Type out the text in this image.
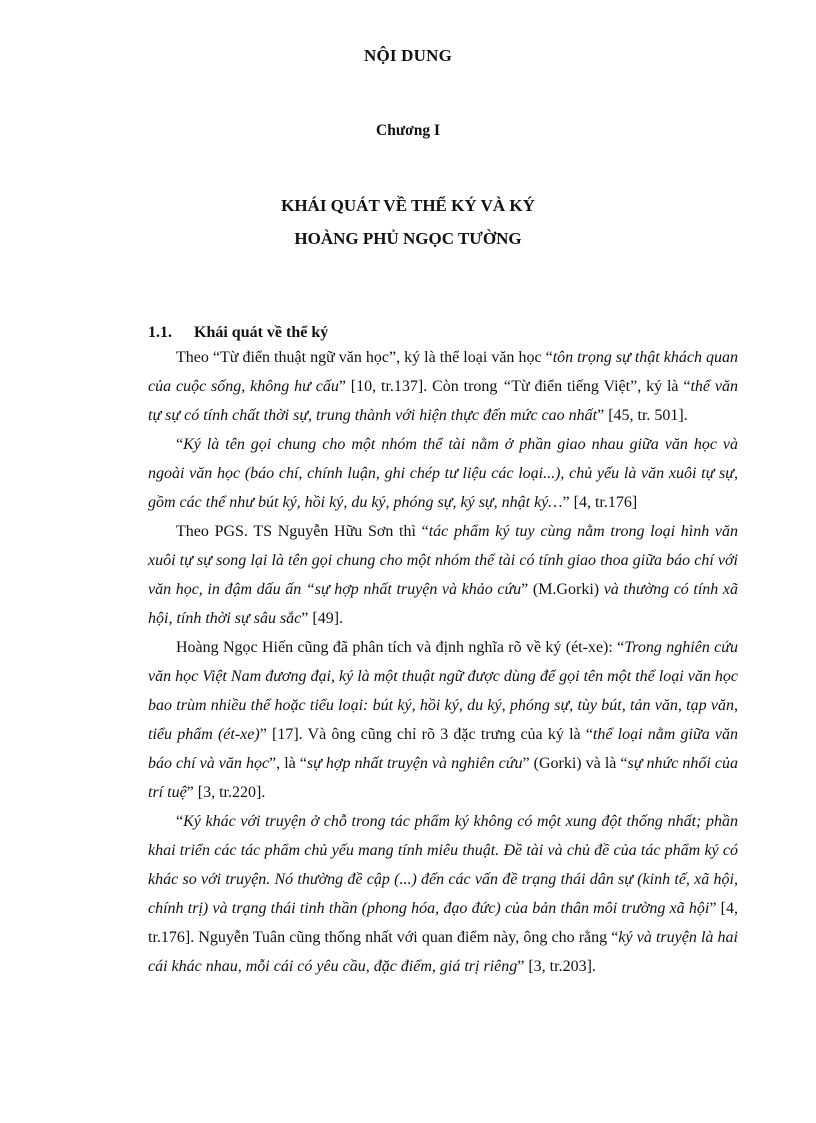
NỘI DUNG
Chương I
KHÁI QUÁT VỀ THỂ KÝ VÀ KÝ
HOÀNG PHỦ NGỌC TƯỜNG
1.1. Khái quát về thể ký

Theo “Từ điển thuật ngữ văn học”, ký là thể loại văn học “tôn trọng sự thật khách quan của cuộc sống, không hư cấu” [10, tr.137]. Còn trong “Từ điển tiếng Việt”, ký là “thể văn tự sự có tính chất thời sự, trung thành với hiện thực đến mức cao nhất” [45, tr. 501].

“Ký là tên gọi chung cho một nhóm thể tài nằm ở phần giao nhau giữa văn học và ngoài văn học (báo chí, chính luận, ghi chép tư liệu các loại...), chủ yếu là văn xuôi tự sự, gồm các thể như bút ký, hồi ký, du ký, phóng sự, ký sự, nhật ký…” [4, tr.176]

Theo PGS. TS Nguyễn Hữu Sơn thì “tác phẩm ký tuy cùng nằm trong loại hình văn xuôi tự sự song lại là tên gọi chung cho một nhóm thể tài có tính giao thoa giữa báo chí với văn học, in đậm dấu ấn “sự hợp nhất truyện và khảo cứu” (M.Gorki) và thường có tính xã hội, tính thời sự sâu sắc” [49].

Hoàng Ngọc Hiến cũng đã phân tích và định nghĩa rõ về ký (ét-xe): “Trong nghiên cứu văn học Việt Nam đương đại, ký là một thuật ngữ được dùng để gọi tên một thể loại văn học bao trùm nhiều thể hoặc tiểu loại: bút ký, hồi ký, du ký, phóng sự, tùy bút, tản văn, tạp văn, tiểu phẩm (ét-xe)” [17]. Và ông cũng chỉ rõ 3 đặc trưng của ký là “thể loại nằm giữa văn báo chí và văn học”, là “sự hợp nhất truyện và nghiên cứu” (Gorki) và là “sự nhức nhối của trí tuệ” [3, tr.220].

“Ký khác với truyện ở chỗ trong tác phẩm ký không có một xung đột thống nhất; phần khai triển các tác phẩm chủ yếu mang tính miêu thuật. Đề tài và chủ đề của tác phẩm ký có khác so với truyện. Nó thường đề cập (...) đến các vấn đề trạng thái dân sự (kinh tế, xã hội, chính trị) và trạng thái tinh thần (phong hóa, đạo đức) của bản thân môi trường xã hội” [4, tr.176]. Nguyễn Tuân cũng thống nhất với quan điểm này, ông cho rằng “ký và truyện là hai cái khác nhau, mỗi cái có yêu cầu, đặc điểm, giá trị riêng” [3, tr.203].
